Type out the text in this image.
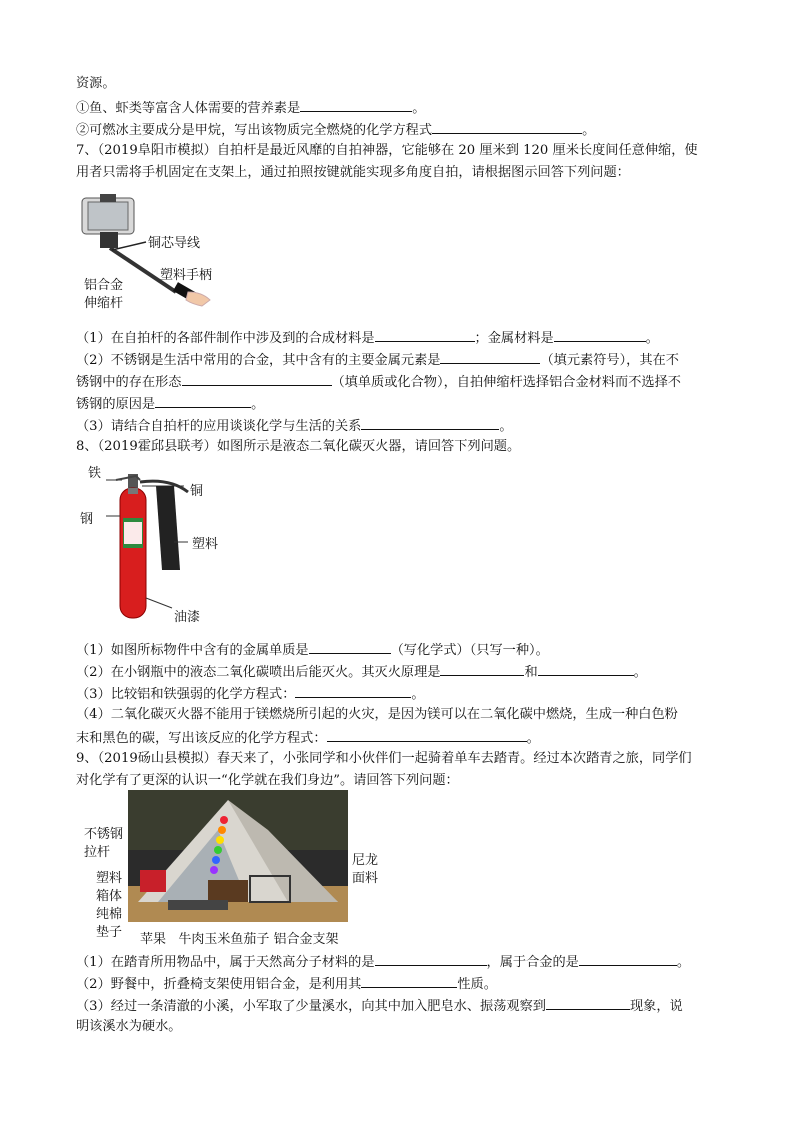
资源。
①鱼、虾类等富含人体需要的营养素是	。
②可燃冰主要成分是甲烷，写出该物质完全燃烧的化学方程式	。
7、（2019阜阳市模拟）自拍杆是最近风靡的自拍神器，它能够在 20 厘米到 120 厘米长度间任意伸缩，使
用者只需将手机固定在支架上，通过拍照按键就能实现多角度自拍，请根据图示回答下列问题：
铜芯导线
塑料手柄
铝合金
伸缩杆
（1）在自拍杆的各部件制作中涉及到的合成材料是	；金属材料是	。
（2）不锈钢是生活中常用的合金，其中含有的主要金属元素是	（填元素符号），其在不
锈钢中的存在形态	（填单质或化合物），自拍伸缩杆选择铝合金材料而不选择不
锈钢的原因是	。
（3）请结合自拍杆的应用谈谈化学与生活的关系	。
8、（2019霍邱县联考）如图所示是液态二氧化碳灭火器，请回答下列问题。
铁
铜
钢
塑料
油漆
（1）如图所标物件中含有的金属单质是	（写化学式）（只写一种）。
（2）在小钢瓶中的液态二氧化碳喷出后能灭火。其灭火原理是	和	。
（3）比较铝和铁强弱的化学方程式：	。
（4）二氧化碳灭火器不能用于镁燃烧所引起的火灾，是因为镁可以在二氧化碳中燃烧，生成一种白色粉
末和黑色的碳，写出该反应的化学方程式：	。
9、（2019砀山县模拟）春天来了，小张同学和小伙伴们一起骑着单车去踏青。经过本次踏青之旅，同学们
对化学有了更深的认识一“化学就在我们身边”。请回答下列问题：
不锈钢
拉杆
塑料
箱体
纯棉
垫子
尼龙
面料
苹果   牛肉玉米鱼茄子 铝合金支架
（1）在踏青所用物品中，属于天然高分子材料的是	，属于合金的是	。
（2）野餐中，折叠椅支架使用铝合金，是利用其	性质。
（3）经过一条清澈的小溪，小军取了少量溪水，向其中加入肥皂水、振荡观察到	现象，说
明该溪水为硬水。
